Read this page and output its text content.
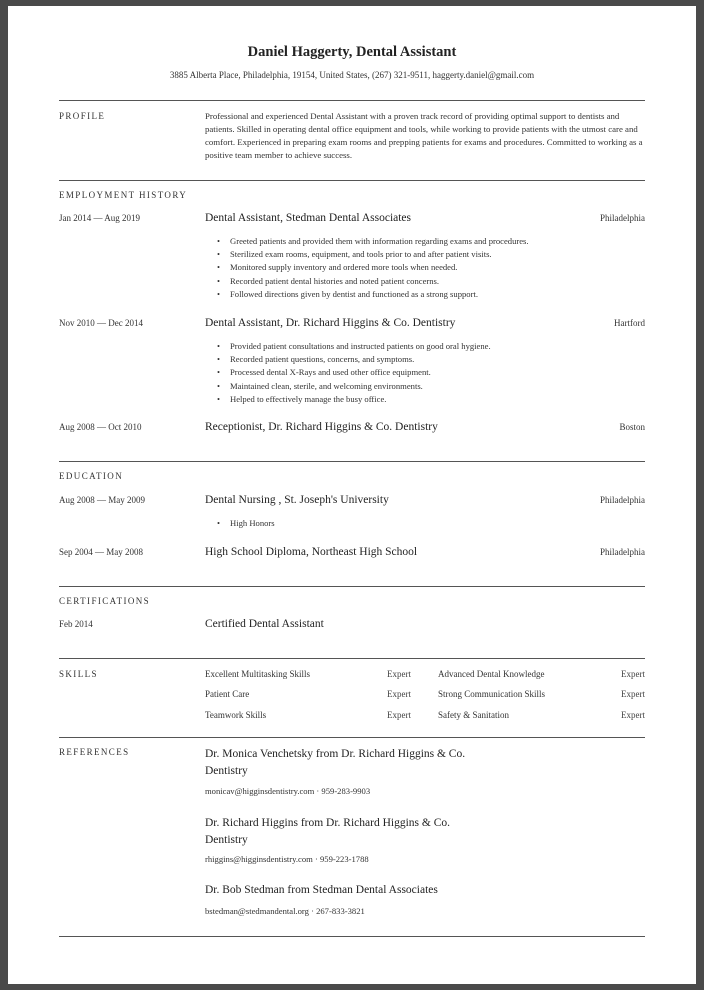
Daniel Haggerty, Dental Assistant
3885 Alberta Place, Philadelphia, 19154, United States, (267) 321-9511, haggerty.daniel@gmail.com
PROFILE	Professional and experienced Dental Assistant with a proven track record of providing optimal support to dentists and patients. Skilled in operating dental office equipment and tools, while working to provide patients with the utmost care and comfort. Experienced in preparing exam rooms and prepping patients for exams and procedures. Committed to working as a positive team member to achieve success.
EMPLOYMENT HISTORY
Jan 2014 — Aug 2019	Dental Assistant, Stedman Dental Associates	Philadelphia
• Greeted patients and provided them with information regarding exams and procedures.
• Sterilized exam rooms, equipment, and tools prior to and after patient visits.
• Monitored supply inventory and ordered more tools when needed.
• Recorded patient dental histories and noted patient concerns.
• Followed directions given by dentist and functioned as a strong support.
Nov 2010 — Dec 2014	Dental Assistant, Dr. Richard Higgins & Co. Dentistry	Hartford
• Provided patient consultations and instructed patients on good oral hygiene.
• Recorded patient questions, concerns, and symptoms.
• Processed dental X-Rays and used other office equipment.
• Maintained clean, sterile, and welcoming environments.
• Helped to effectively manage the busy office.
Aug 2008 — Oct 2010	Receptionist, Dr. Richard Higgins & Co. Dentistry	Boston
EDUCATION
Aug 2008 — May 2009	Dental Nursing , St. Joseph's University	Philadelphia
• High Honors
Sep 2004 — May 2008	High School Diploma, Northeast High School	Philadelphia
CERTIFICATIONS
Feb 2014	Certified Dental Assistant
SKILLS	Excellent Multitasking Skills	Expert	Advanced Dental Knowledge	Expert
Patient Care	Expert	Strong Communication Skills	Expert
Teamwork Skills	Expert	Safety & Sanitation	Expert
REFERENCES	Dr. Monica Venchetsky from Dr. Richard Higgins & Co. Dentistry
monicav@higginsdentistry.com · 959-283-9903
Dr. Richard Higgins from Dr. Richard Higgins & Co. Dentistry
rhiggins@higginsdentistry.com · 959-223-1788
Dr. Bob Stedman from Stedman Dental Associates
bstedman@stedmandental.org · 267-833-3821
